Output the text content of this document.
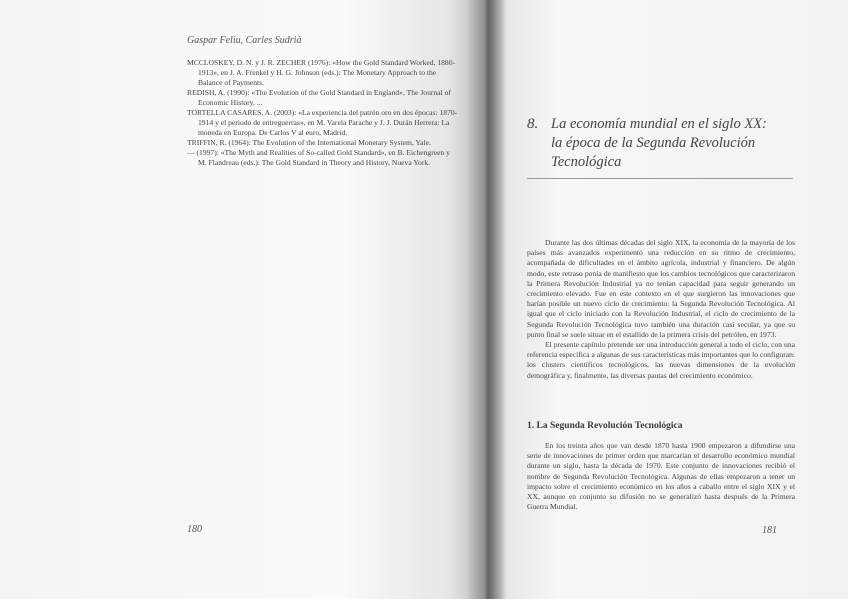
Gaspar Feliu, Carles Sudrià

MCCLOSKEY, D. N. y J. R. ZECHER (1976): «How the Gold Standard Worked, 1880-1913», en J. A. Frenkel y H. G. Johnson (eds.): The Monetary Approach to the Balance of Payments.

REDISH, A. (1990): «The Evolution of the Gold Standard in England», The Journal of Economic History, ...

TORTELLA CASARES, A. (2003): «La experiencia del patrón oro en dos épocas: 1870-1914 y el periodo de entreguerras», en M. Varela Parache y J. J. Durán Herrera: La moneda en Europa. De Carlos V al euro, Madrid.

TRIFFIN, R. (1964): The Evolution of the International Monetary System, Yale.

— (1997): «The Myth and Realities of So-called Gold Standard», en B. Eichengreen y M. Flandreau (eds.): The Gold Standard in Theory and History, Nueva York.

180
8. La economía mundial en el siglo XX:
la época de la Segunda Revolución
Tecnológica

Durante las dos últimas décadas del siglo XIX, la economía de la mayoría de los países más avanzados experimentó una reducción en su ritmo de crecimiento, acompañada de dificultades en el ámbito agrícola, industrial y financiero. De algún modo, este retraso ponía de manifiesto que los cambios tecnológicos que caracterizaron la Primera Revolución Industrial ya no tenían capacidad para seguir generando un crecimiento elevado. Fue en este contexto en el que surgieron las innovaciones que harían posible un nuevo ciclo de crecimiento: la Segunda Revolución Tecnológica. Al igual que el ciclo iniciado con la Revolución Industrial, el ciclo de crecimiento de la Segunda Revolución Tecnológica tuvo también una duración casi secular, ya que su punto final se suele situar en el estallido de la primera crisis del petróleo, en 1973.

El presente capítulo pretende ser una introducción general a todo el ciclo, con una referencia específica a algunas de sus características más importantes que lo configuran: los clusters científicos tecnológicos, las nuevas dimensiones de la evolución demográfica y, finalmente, las diversas pautas del crecimiento económico.

1. La Segunda Revolución Tecnológica

En los treinta años que van desde 1870 hasta 1900 empezaron a difundirse una serie de innovaciones de primer orden que marcarían el desarrollo económico mundial durante un siglo, hasta la década de 1970. Este conjunto de innovaciones recibió el nombre de Segunda Revolución Tecnológica. Algunas de ellas empezaron a tener un impacto sobre el crecimiento económico en los años a caballo entre el siglo XIX y el XX, aunque en conjunto su difusión no se generalizó hasta después de la Primera Guerra Mundial.

181
